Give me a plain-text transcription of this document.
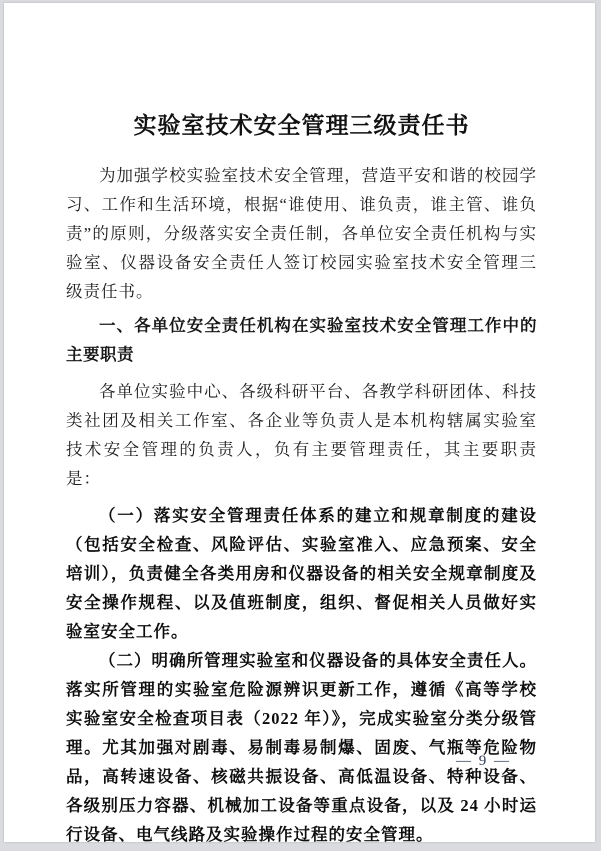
实验室技术安全管理三级责任书

为加强学校实验室技术安全管理，营造平安和谐的校园学习、工作和生活环境，根据“谁使用、谁负责，谁主管、谁负责”的原则，分级落实安全责任制，各单位安全责任机构与实验室、仪器设备安全责任人签订校园实验室技术安全管理三级责任书。

一、各单位安全责任机构在实验室技术安全管理工作中的主要职责

各单位实验中心、各级科研平台、各教学科研团体、科技类社团及相关工作室、各企业等负责人是本机构辖属实验室技术安全管理的负责人，负有主要管理责任，其主要职责是：

（一）落实安全管理责任体系的建立和规章制度的建设（包括安全检查、风险评估、实验室准入、应急预案、安全培训），负责健全各类用房和仪器设备的相关安全规章制度及安全操作规程、以及值班制度，组织、督促相关人员做好实验室安全工作。

（二）明确所管理实验室和仪器设备的具体安全责任人。落实所管理的实验室危险源辨识更新工作，遵循《高等学校实验室安全检查项目表（2022 年）》，完成实验室分类分级管理。尤其加强对剧毒、易制毒易制爆、固废、气瓶等危险物品，高转速设备、核磁共振设备、高低温设备、特种设备、各级别压力容器、机械加工设备等重点设备，以及 24 小时运行设备、电气线路及实验操作过程的安全管理。

— 9 —
